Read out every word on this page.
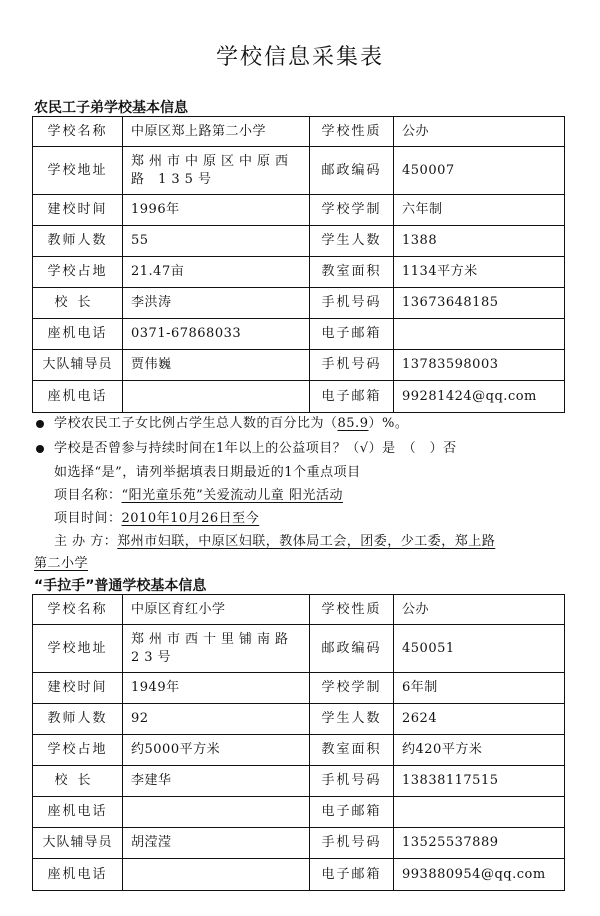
学校信息采集表
农民工子弟学校基本信息
学校名称	中原区郑上路第二小学	学校性质	公办
学校地址	郑州市中原区中原西路 135号	邮政编码	450007
建校时间	1996年	学校学制	六年制
教师人数	55	学生人数	1388
学校占地	21.47亩	教室面积	1134平方米
校长	李洪涛	手机号码	13673648185
座机电话	0371-67868033	电子邮箱	
大队辅导员	贾伟巍	手机号码	13783598003
座机电话		电子邮箱	99281424@qq.com
学校农民工子女比例占学生总人数的百分比为（85.9）%。
学校是否曾参与持续时间在1年以上的公益项目？（√）是　（　）否
如选择“是”，请列举据填表日期最近的1个重点项目
项目名称：“阳光童乐苑”关爱流动儿童 阳光活动
项目时间：2010年10月26日至今
主 办 方：郑州市妇联，中原区妇联，教体局工会，团委，少工委，郑上路
第二小学
“手拉手”普通学校基本信息
学校名称	中原区育红小学	学校性质	公办
学校地址	郑州市西十里铺南路 23号	邮政编码	450051
建校时间	1949年	学校学制	6年制
教师人数	92	学生人数	2624
学校占地	约5000平方米	教室面积	约420平方米
校长	李建华	手机号码	13838117515
座机电话		电子邮箱	
大队辅导员	胡滢滢	手机号码	13525537889
座机电话		电子邮箱	993880954@qq.com
